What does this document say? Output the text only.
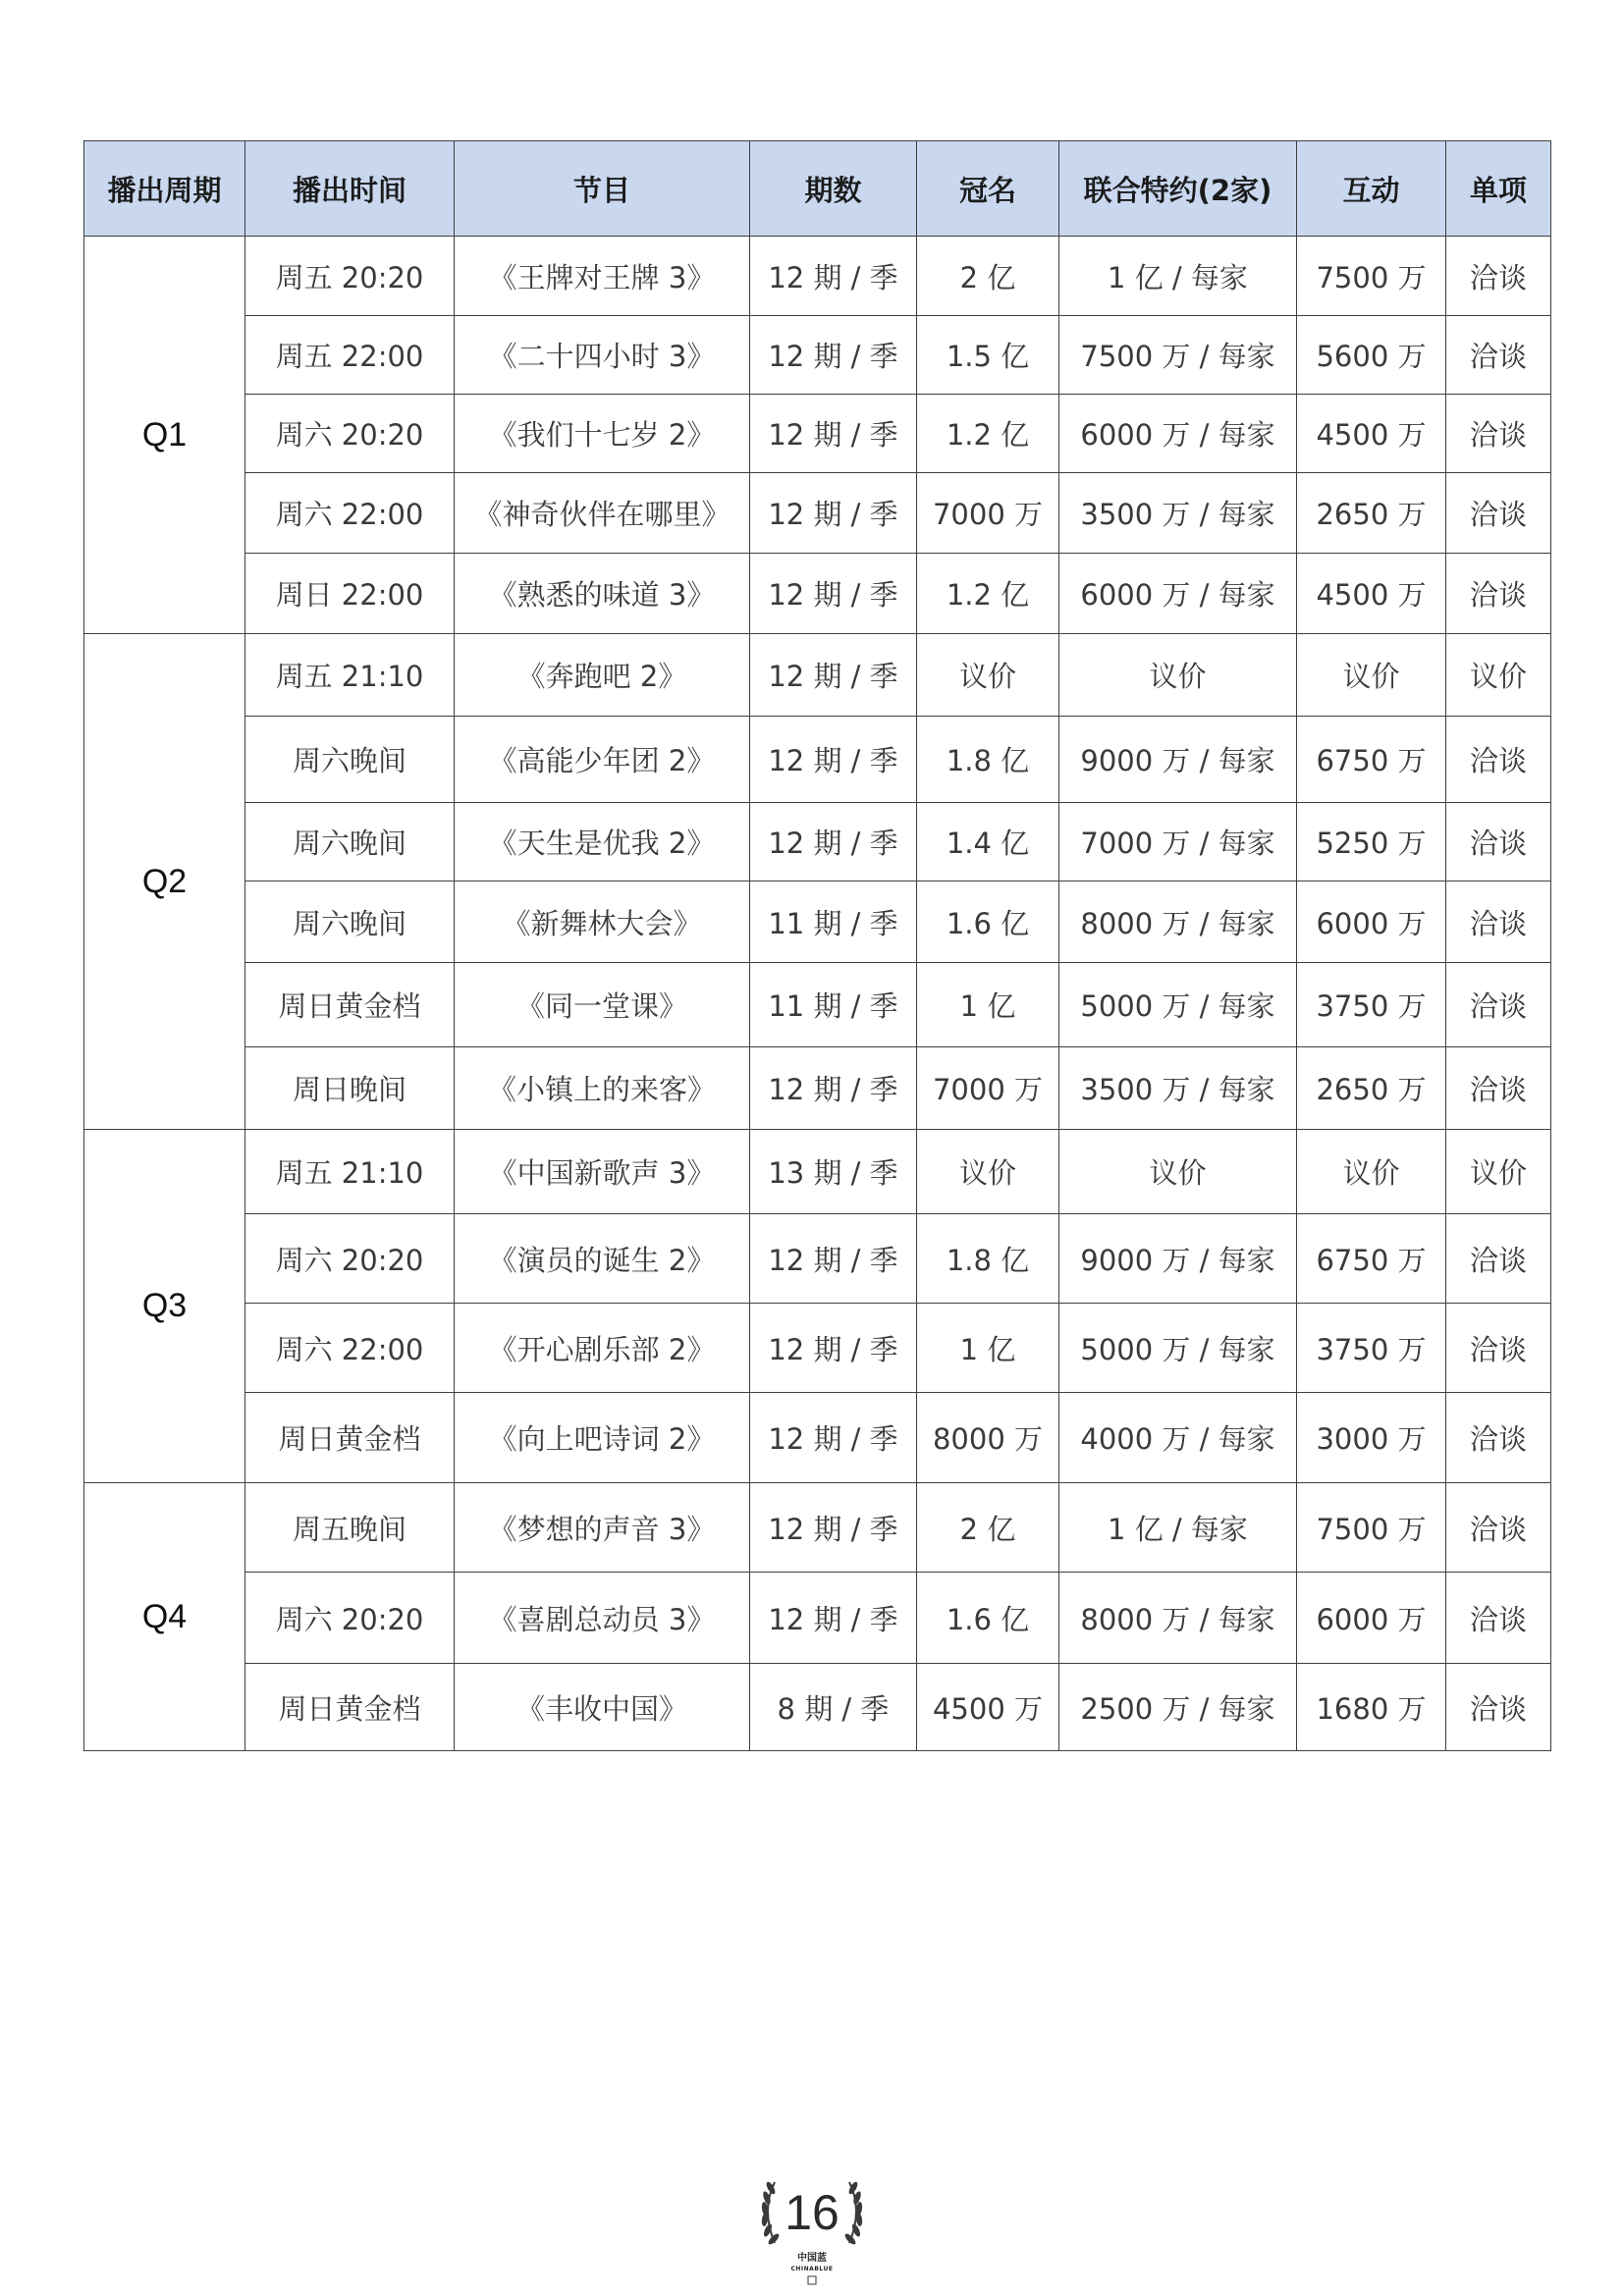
播出周期	播出时间	节目	期数	冠名	联合特约(2家)	互动	单项
Q1	周五 20:20	《王牌对王牌 3》	12 期 / 季	2 亿	1 亿 / 每家	7500 万	洽谈
	周五 22:00	《二十四小时 3》	12 期 / 季	1.5 亿	7500 万 / 每家	5600 万	洽谈
	周六 20:20	《我们十七岁 2》	12 期 / 季	1.2 亿	6000 万 / 每家	4500 万	洽谈
	周六 22:00	《神奇伙伴在哪里》	12 期 / 季	7000 万	3500 万 / 每家	2650 万	洽谈
	周日 22:00	《熟悉的味道 3》	12 期 / 季	1.2 亿	6000 万 / 每家	4500 万	洽谈
Q2	周五 21:10	《奔跑吧 2》	12 期 / 季	议价	议价	议价	议价
	周六晚间	《高能少年团 2》	12 期 / 季	1.8 亿	9000 万 / 每家	6750 万	洽谈
	周六晚间	《天生是优我 2》	12 期 / 季	1.4 亿	7000 万 / 每家	5250 万	洽谈
	周六晚间	《新舞林大会》	11 期 / 季	1.6 亿	8000 万 / 每家	6000 万	洽谈
	周日黄金档	《同一堂课》	11 期 / 季	1 亿	5000 万 / 每家	3750 万	洽谈
	周日晚间	《小镇上的来客》	12 期 / 季	7000 万	3500 万 / 每家	2650 万	洽谈
Q3	周五 21:10	《中国新歌声 3》	13 期 / 季	议价	议价	议价	议价
	周六 20:20	《演员的诞生 2》	12 期 / 季	1.8 亿	9000 万 / 每家	6750 万	洽谈
	周六 22:00	《开心剧乐部 2》	12 期 / 季	1 亿	5000 万 / 每家	3750 万	洽谈
	周日黄金档	《向上吧诗词 2》	12 期 / 季	8000 万	4000 万 / 每家	3000 万	洽谈
Q4	周五晚间	《梦想的声音 3》	12 期 / 季	2 亿	1 亿 / 每家	7500 万	洽谈
	周六 20:20	《喜剧总动员 3》	12 期 / 季	1.6 亿	8000 万 / 每家	6000 万	洽谈
	周日黄金档	《丰收中国》	8 期 / 季	4500 万	2500 万 / 每家	1680 万	洽谈
16
中国蓝
CHINABLUE
